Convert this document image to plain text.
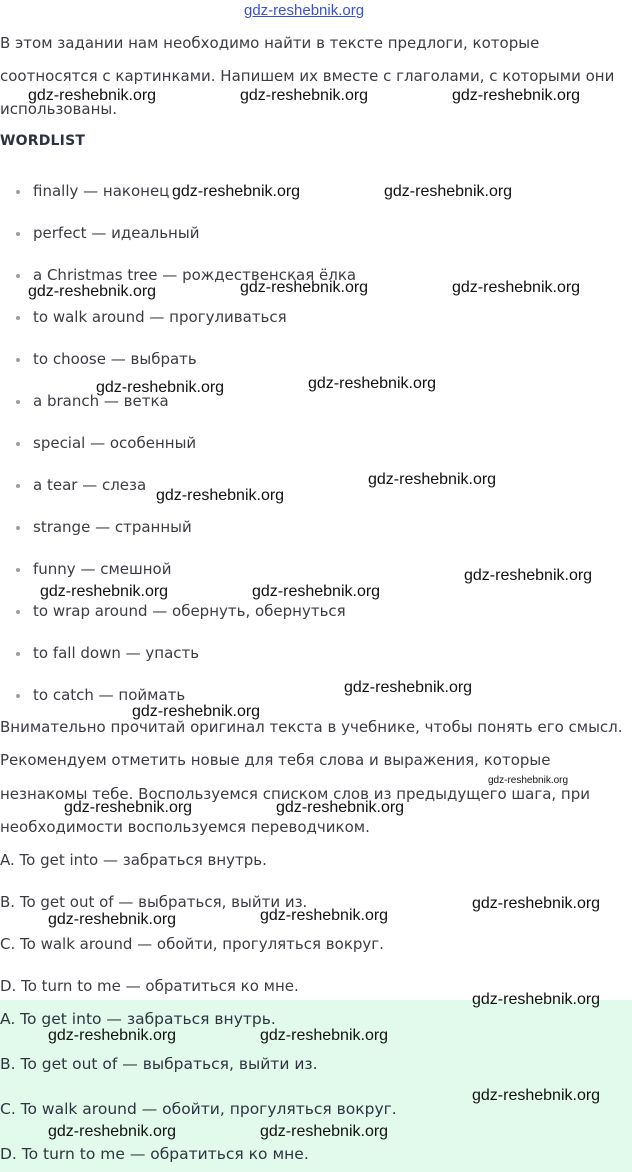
gdz-reshebnik.org
В этом задании нам необходимо найти в тексте предлоги, которые
соотносятся с картинками. Напишем их вместе с глаголами, с которыми они
использованы.
WORDLIST
finally — наконец
perfect — идеальный
a Christmas tree — рождественская ёлка
to walk around — прогуливаться
to choose — выбрать
a branch — ветка
special — особенный
a tear — слеза
strange — странный
funny — смешной
to wrap around — обернуть, обернуться
to fall down — упасть
to catch — поймать
Внимательно прочитай оригинал текста в учебнике, чтобы понять его смысл.
Рекомендуем отметить новые для тебя слова и выражения, которые
незнакомы тебе. Воспользуемся списком слов из предыдущего шага, при
необходимости воспользуемся переводчиком.
A. To get into — забраться внутрь.
B. To get out of — выбраться, выйти из.
C. To walk around — обойти, прогуляться вокруг.
D. To turn to me — обратиться ко мне.
A. To get into — забраться внутрь.
B. To get out of — выбраться, выйти из.
C. To walk around — обойти, прогуляться вокруг.
D. To turn to me — обратиться ко мне.
gdz-reshebnik.org	gdz-reshebnik.org	gdz-reshebnik.org
gdz-reshebnik.org	gdz-reshebnik.org
gdz-reshebnik.org	gdz-reshebnik.org	gdz-reshebnik.org
gdz-reshebnik.org	gdz-reshebnik.org
gdz-reshebnik.org
gdz-reshebnik.org
gdz-reshebnik.org	gdz-reshebnik.org
gdz-reshebnik.org
gdz-reshebnik.org
gdz-reshebnik.org
gdz-reshebnik.org
gdz-reshebnik.org	gdz-reshebnik.org
gdz-reshebnik.org
gdz-reshebnik.org	gdz-reshebnik.org
gdz-reshebnik.org
gdz-reshebnik.org	gdz-reshebnik.org
gdz-reshebnik.org
gdz-reshebnik.org	gdz-reshebnik.org
